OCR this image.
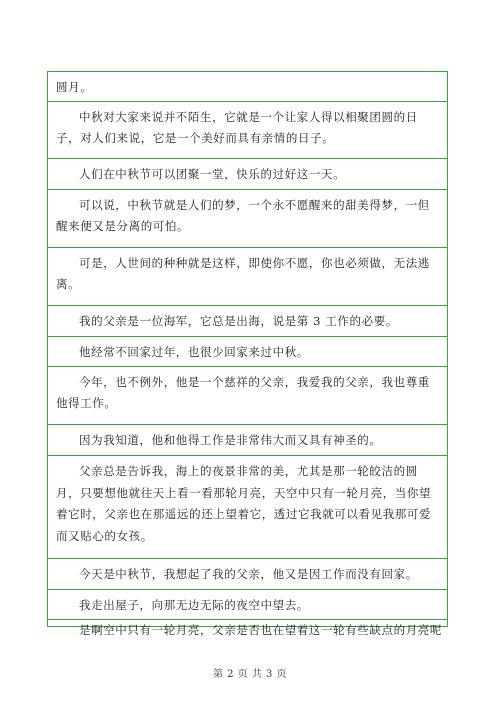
圆月。
中秋对大家来说并不陌生，它就是一个让家人得以相聚团圆的日子，对人们来说，它是一个美好而具有亲情的日子。
人们在中秋节可以团聚一堂，快乐的过好这一天。
可以说，中秋节就是人们的梦，一个永不愿醒来的甜美得梦，一但醒来便又是分离的可怕。
可是，人世间的种种就是这样，即使你不愿，你也必须做，无法逃离。
我的父亲是一位海军，它总是出海，说是第 3 工作的必要。
他经常不回家过年，也很少回家来过中秋。
今年，也不例外，他是一个慈祥的父亲，我爱我的父亲，我也尊重他得工作。
因为我知道，他和他得工作是非常伟大而又具有神圣的。
父亲总是告诉我，海上的夜景非常的美，尤其是那一轮皎洁的圆月，只要想他就往天上看一看那轮月亮，天空中只有一轮月亮，当你望着它时，父亲也在那遥远的还上望着它，透过它我就可以看见我那可爱而又贴心的女孩。
今天是中秋节，我想起了我的父亲，他又是因工作而没有回家。
我走出屋子，向那无边无际的夜空中望去。
是啊空中只有一轮月亮，父亲是否也在望着这一轮有些缺点的月亮呢
第 2 页 共 3 页
